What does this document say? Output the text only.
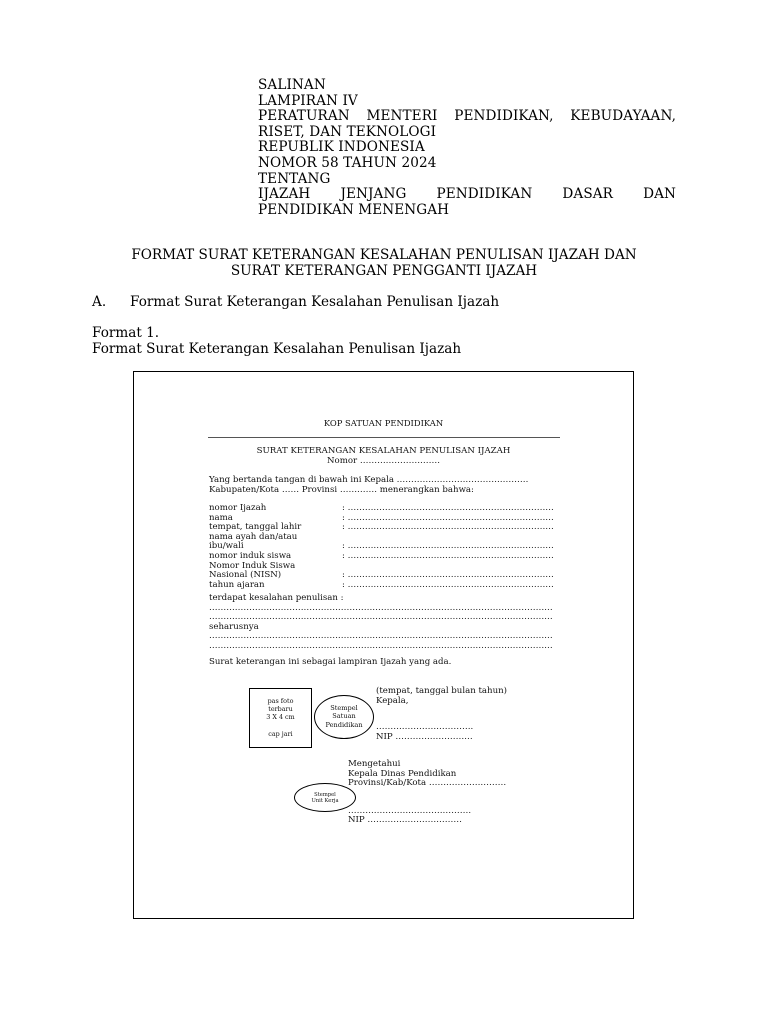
SALINAN
LAMPIRAN IV
PERATURAN MENTERI PENDIDIKAN, KEBUDAYAAN,
RISET, DAN TEKNOLOGI
REPUBLIK INDONESIA
NOMOR 58 TAHUN 2024
TENTANG
IJAZAH JENJANG PENDIDIKAN DASAR DAN
PENDIDIKAN MENENGAH
FORMAT SURAT KETERANGAN KESALAHAN PENULISAN IJAZAH DAN
SURAT KETERANGAN PENGGANTI IJAZAH
A. Format Surat Keterangan Kesalahan Penulisan Ijazah
Format 1.
Format Surat Keterangan Kesalahan Penulisan Ijazah
KOP SATUAN PENDIDIKAN
SURAT KETERANGAN KESALAHAN PENULISAN IJAZAH
Nomor ……………………….
Yang bertanda tangan di bawah ini Kepala ……………………………………….
Kabupaten/Kota …… Provinsi …………. menerangkan bahwa:
nomor Ijazah	: ………………………………………………………………
nama	: ………………………………………………………………
tempat, tanggal lahir	: ………………………………………………………………
nama ayah dan/atau
ibu/wali	: ………………………………………………………………
nomor induk siswa	: ………………………………………………………………
Nomor Induk Siswa
Nasional (NISN)	: ………………………………………………………………
tahun ajaran	: ………………………………………………………………
terdapat kesalahan penulisan :
…………………………………………………………………………………………………………
…………………………………………………………………………………………………………
seharusnya
…………………………………………………………………………………………………………
…………………………………………………………………………………………………………
Surat keterangan ini sebagai lampiran Ijazah yang ada.
pas foto
terbaru
3 X 4 cm
cap jari
Stempel
Satuan
Pendidikan
(tempat, tanggal bulan tahun)
Kepala,
…………………………….
NIP ………………………
Mengetahui
Kepala Dinas Pendidikan
Provinsi/Kab/Kota ………………………
…………………………………….
NIP ……………………………
Stempel
Unit Kerja
